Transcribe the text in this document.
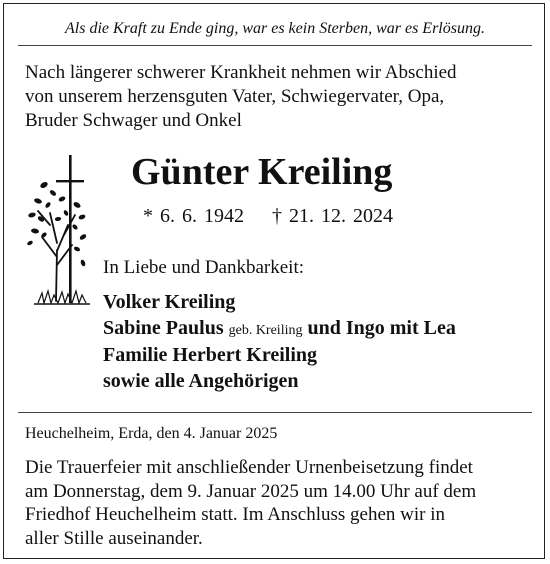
Als die Kraft zu Ende ging, war es kein Sterben, war es Erlösung.
Nach längerer schwerer Krankheit nehmen wir Abschied
von unserem herzensguten Vater, Schwiegervater, Opa,
Bruder Schwager und Onkel
Günter Kreiling
* 6. 6. 1942 † 21. 12. 2024
In Liebe und Dankbarkeit:
Volker Kreiling
Sabine Paulus geb. Kreiling und Ingo mit Lea
Familie Herbert Kreiling
sowie alle Angehörigen
Heuchelheim, Erda, den 4. Januar 2025
Die Trauerfeier mit anschließender Urnenbeisetzung findet
am Donnerstag, dem 9. Januar 2025 um 14.00 Uhr auf dem
Friedhof Heuchelheim statt. Im Anschluss gehen wir in
aller Stille auseinander.
